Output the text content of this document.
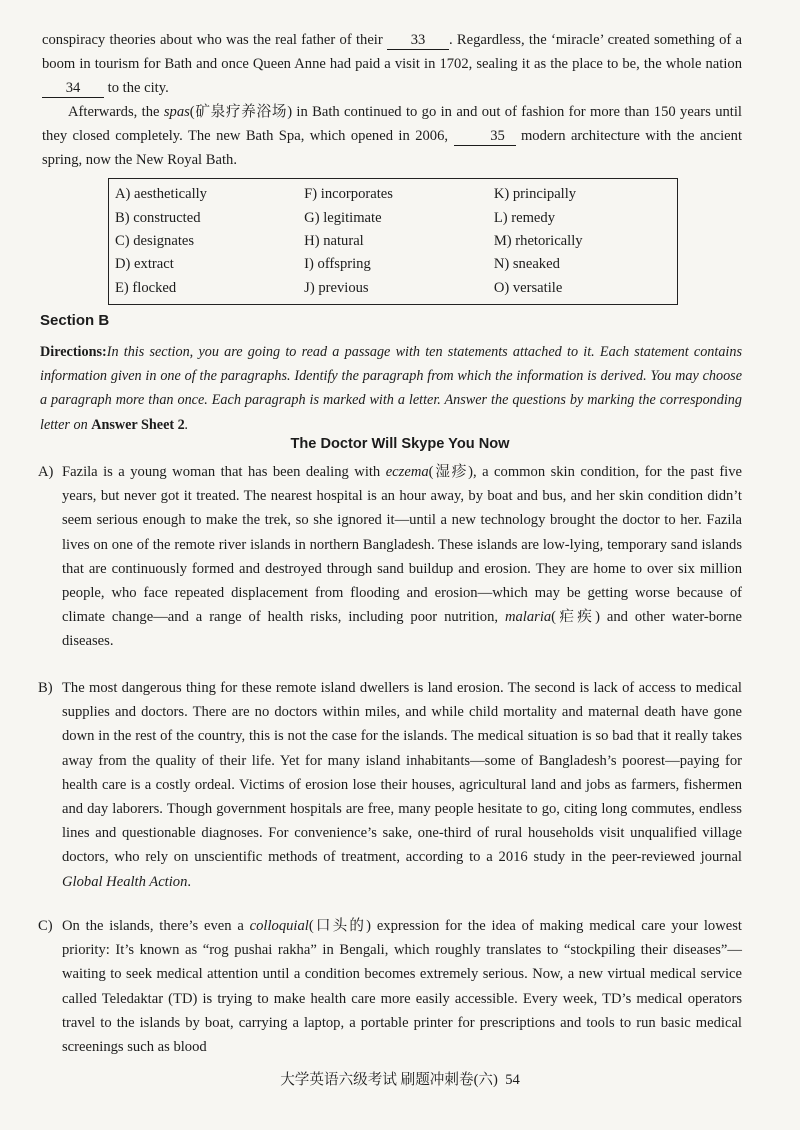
conspiracy theories about who was the real father of their 33 . Regardless, the ‘miracle’ created something of a boom in tourism for Bath and once Queen Anne had paid a visit in 1702, sealing it as the place to be, the whole nation 34 to the city.
Afterwards, the spas(矿泉疗养浴场) in Bath continued to go in and out of fashion for more than 150 years until they closed completely. The new Bath Spa, which opened in 2006,	35 modern architecture with the ancient spring, now the New Royal Bath.
A) aesthetically	F) incorporates	K) principally
B) constructed	G) legitimate	L) remedy
C) designates	H) natural	M) rhetorically
D) extract	I) offspring	N) sneaked
E) flocked	J) previous	O) versatile
Section B
Directions:In this section, you are going to read a passage with ten statements attached to it. Each statement contains information given in one of the paragraphs. Identify the paragraph from which the information is derived. You may choose a paragraph more than once. Each paragraph is marked with a letter. Answer the questions by marking the corresponding letter on Answer Sheet 2.
The Doctor Will Skype You Now
A) Fazila is a young woman that has been dealing with eczema(湿疹), a common skin condition, for the past five years, but never got it treated. The nearest hospital is an hour away, by boat and bus, and her skin condition didn’t seem serious enough to make the trek, so she ignored it—until a new technology brought the doctor to her. Fazila lives on one of the remote river islands in northern Bangladesh. These islands are low-lying, temporary sand islands that are continuously formed and destroyed through sand buildup and erosion. They are home to over six million people, who face repeated displacement from flooding and erosion—which may be getting worse because of climate change—and a range of health risks, including poor nutrition, malaria(疟疾) and other water-borne diseases.
B) The most dangerous thing for these remote island dwellers is land erosion. The second is lack of access to medical supplies and doctors. There are no doctors within miles, and while child mortality and maternal death have gone down in the rest of the country, this is not the case for the islands. The medical situation is so bad that it really takes away from the quality of their life. Yet for many island inhabitants—some of Bangladesh’s poorest—paying for health care is a costly ordeal. Victims of erosion lose their houses, agricultural land and jobs as farmers, fishermen and day laborers. Though government hospitals are free, many people hesitate to go, citing long commutes, endless lines and questionable diagnoses. For convenience’s sake, one-third of rural households visit unqualified village doctors, who rely on unscientific methods of treatment, according to a 2016 study in the peer-reviewed journal Global Health Action.
C) On the islands, there’s even a colloquial(口头的) expression for the idea of making medical care your lowest priority: It’s known as “rog pushai rakha” in Bengali, which roughly translates to “stockpiling their diseases”—waiting to seek medical attention until a condition becomes extremely serious. Now, a new virtual medical service called Teledaktar (TD) is trying to make health care more easily accessible. Every week, TD’s medical operators travel to the islands by boat, carrying a laptop, a portable printer for prescriptions and tools to run basic medical screenings such as blood
大学英语六级考试 刷题冲刺卷(六) 54
